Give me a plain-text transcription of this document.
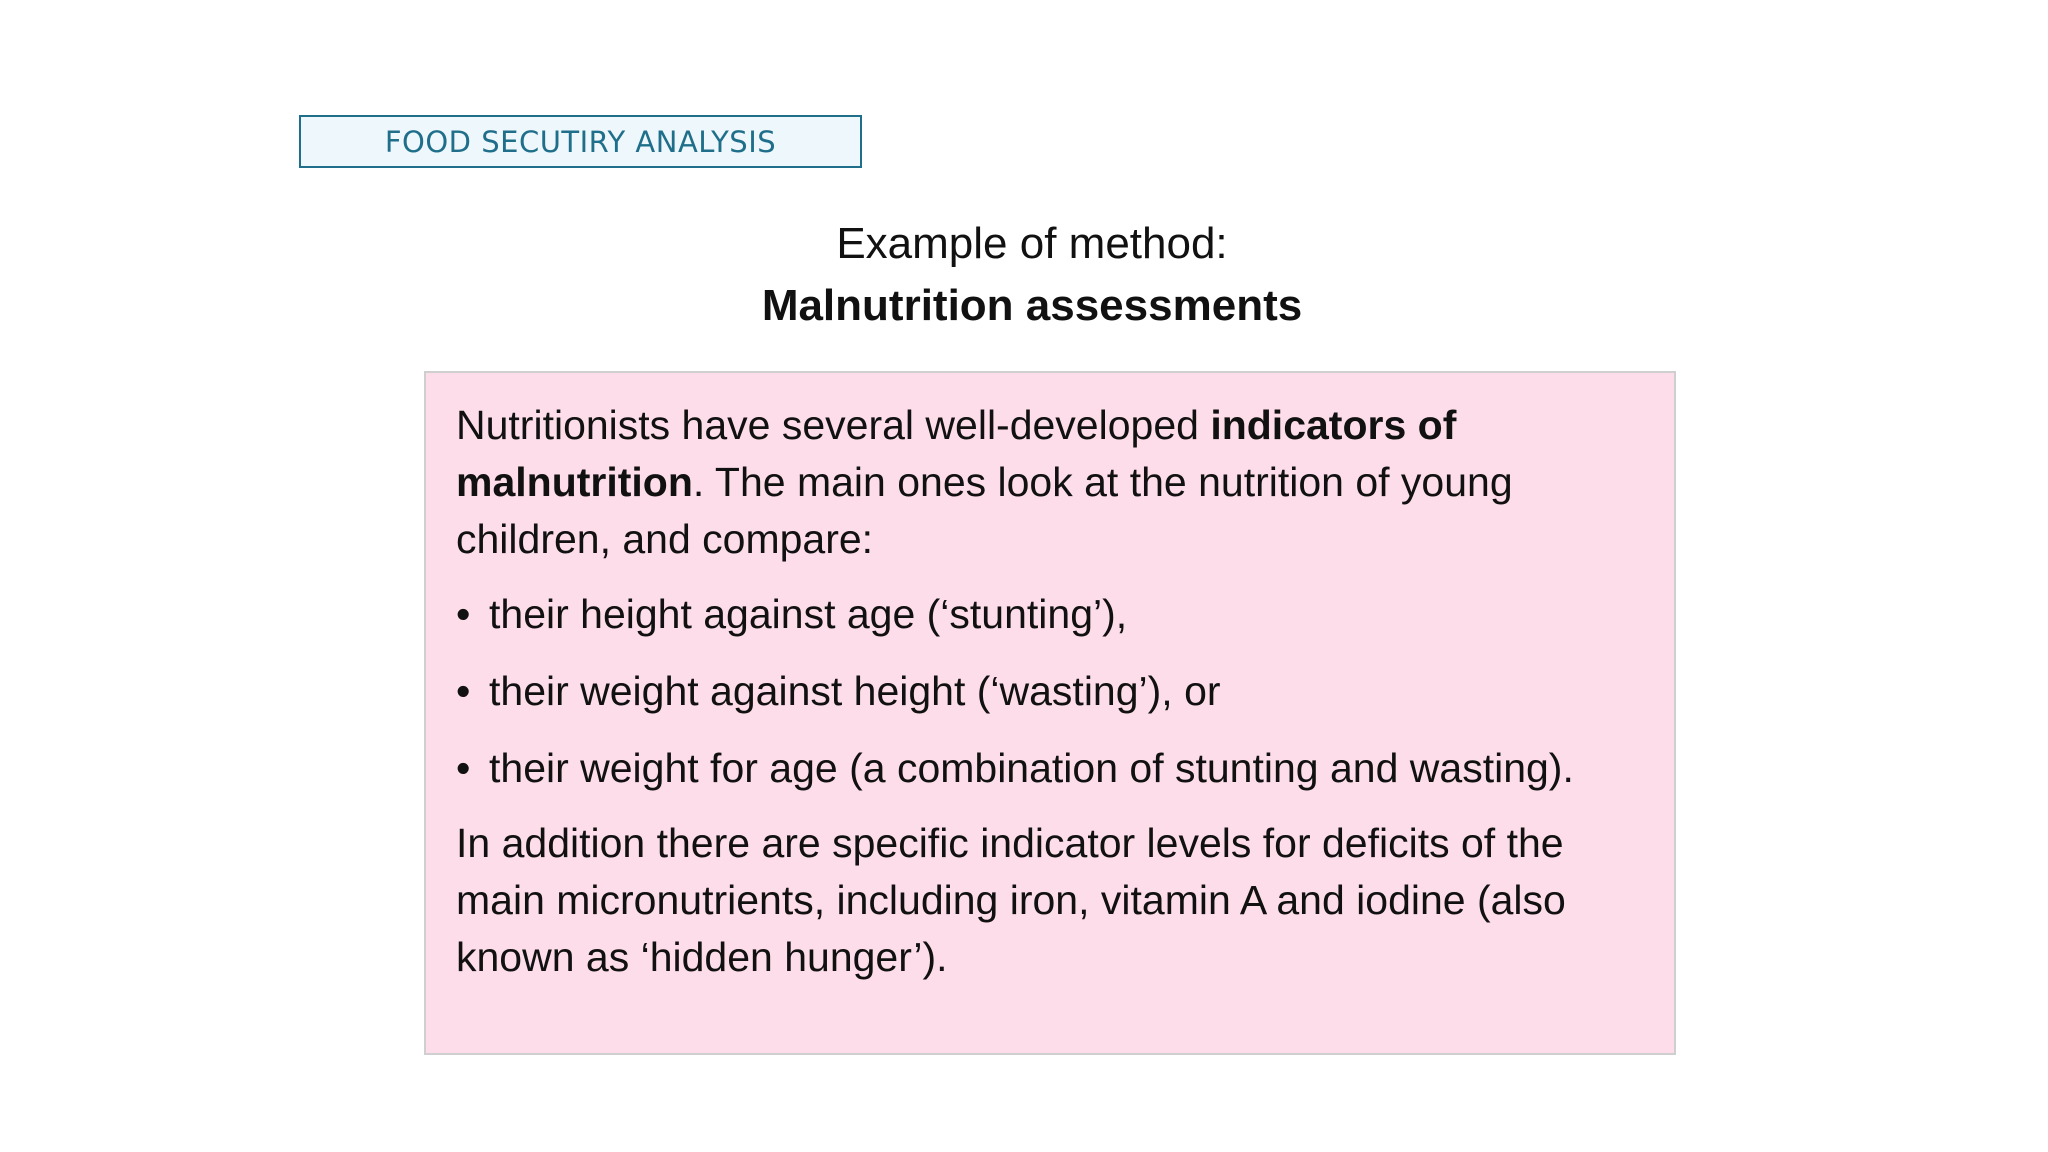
FOOD SECUTIRY ANALYSIS
Example of method:
Malnutrition assessments

Nutritionists have several well-developed indicators of malnutrition. The main ones look at the nutrition of young children, and compare:

• their height against age (‘stunting’),
• their weight against height (‘wasting’), or
• their weight for age (a combination of stunting and wasting).

In addition there are specific indicator levels for deficits of the main micronutrients, including iron, vitamin A and iodine (also known as ‘hidden hunger’).
